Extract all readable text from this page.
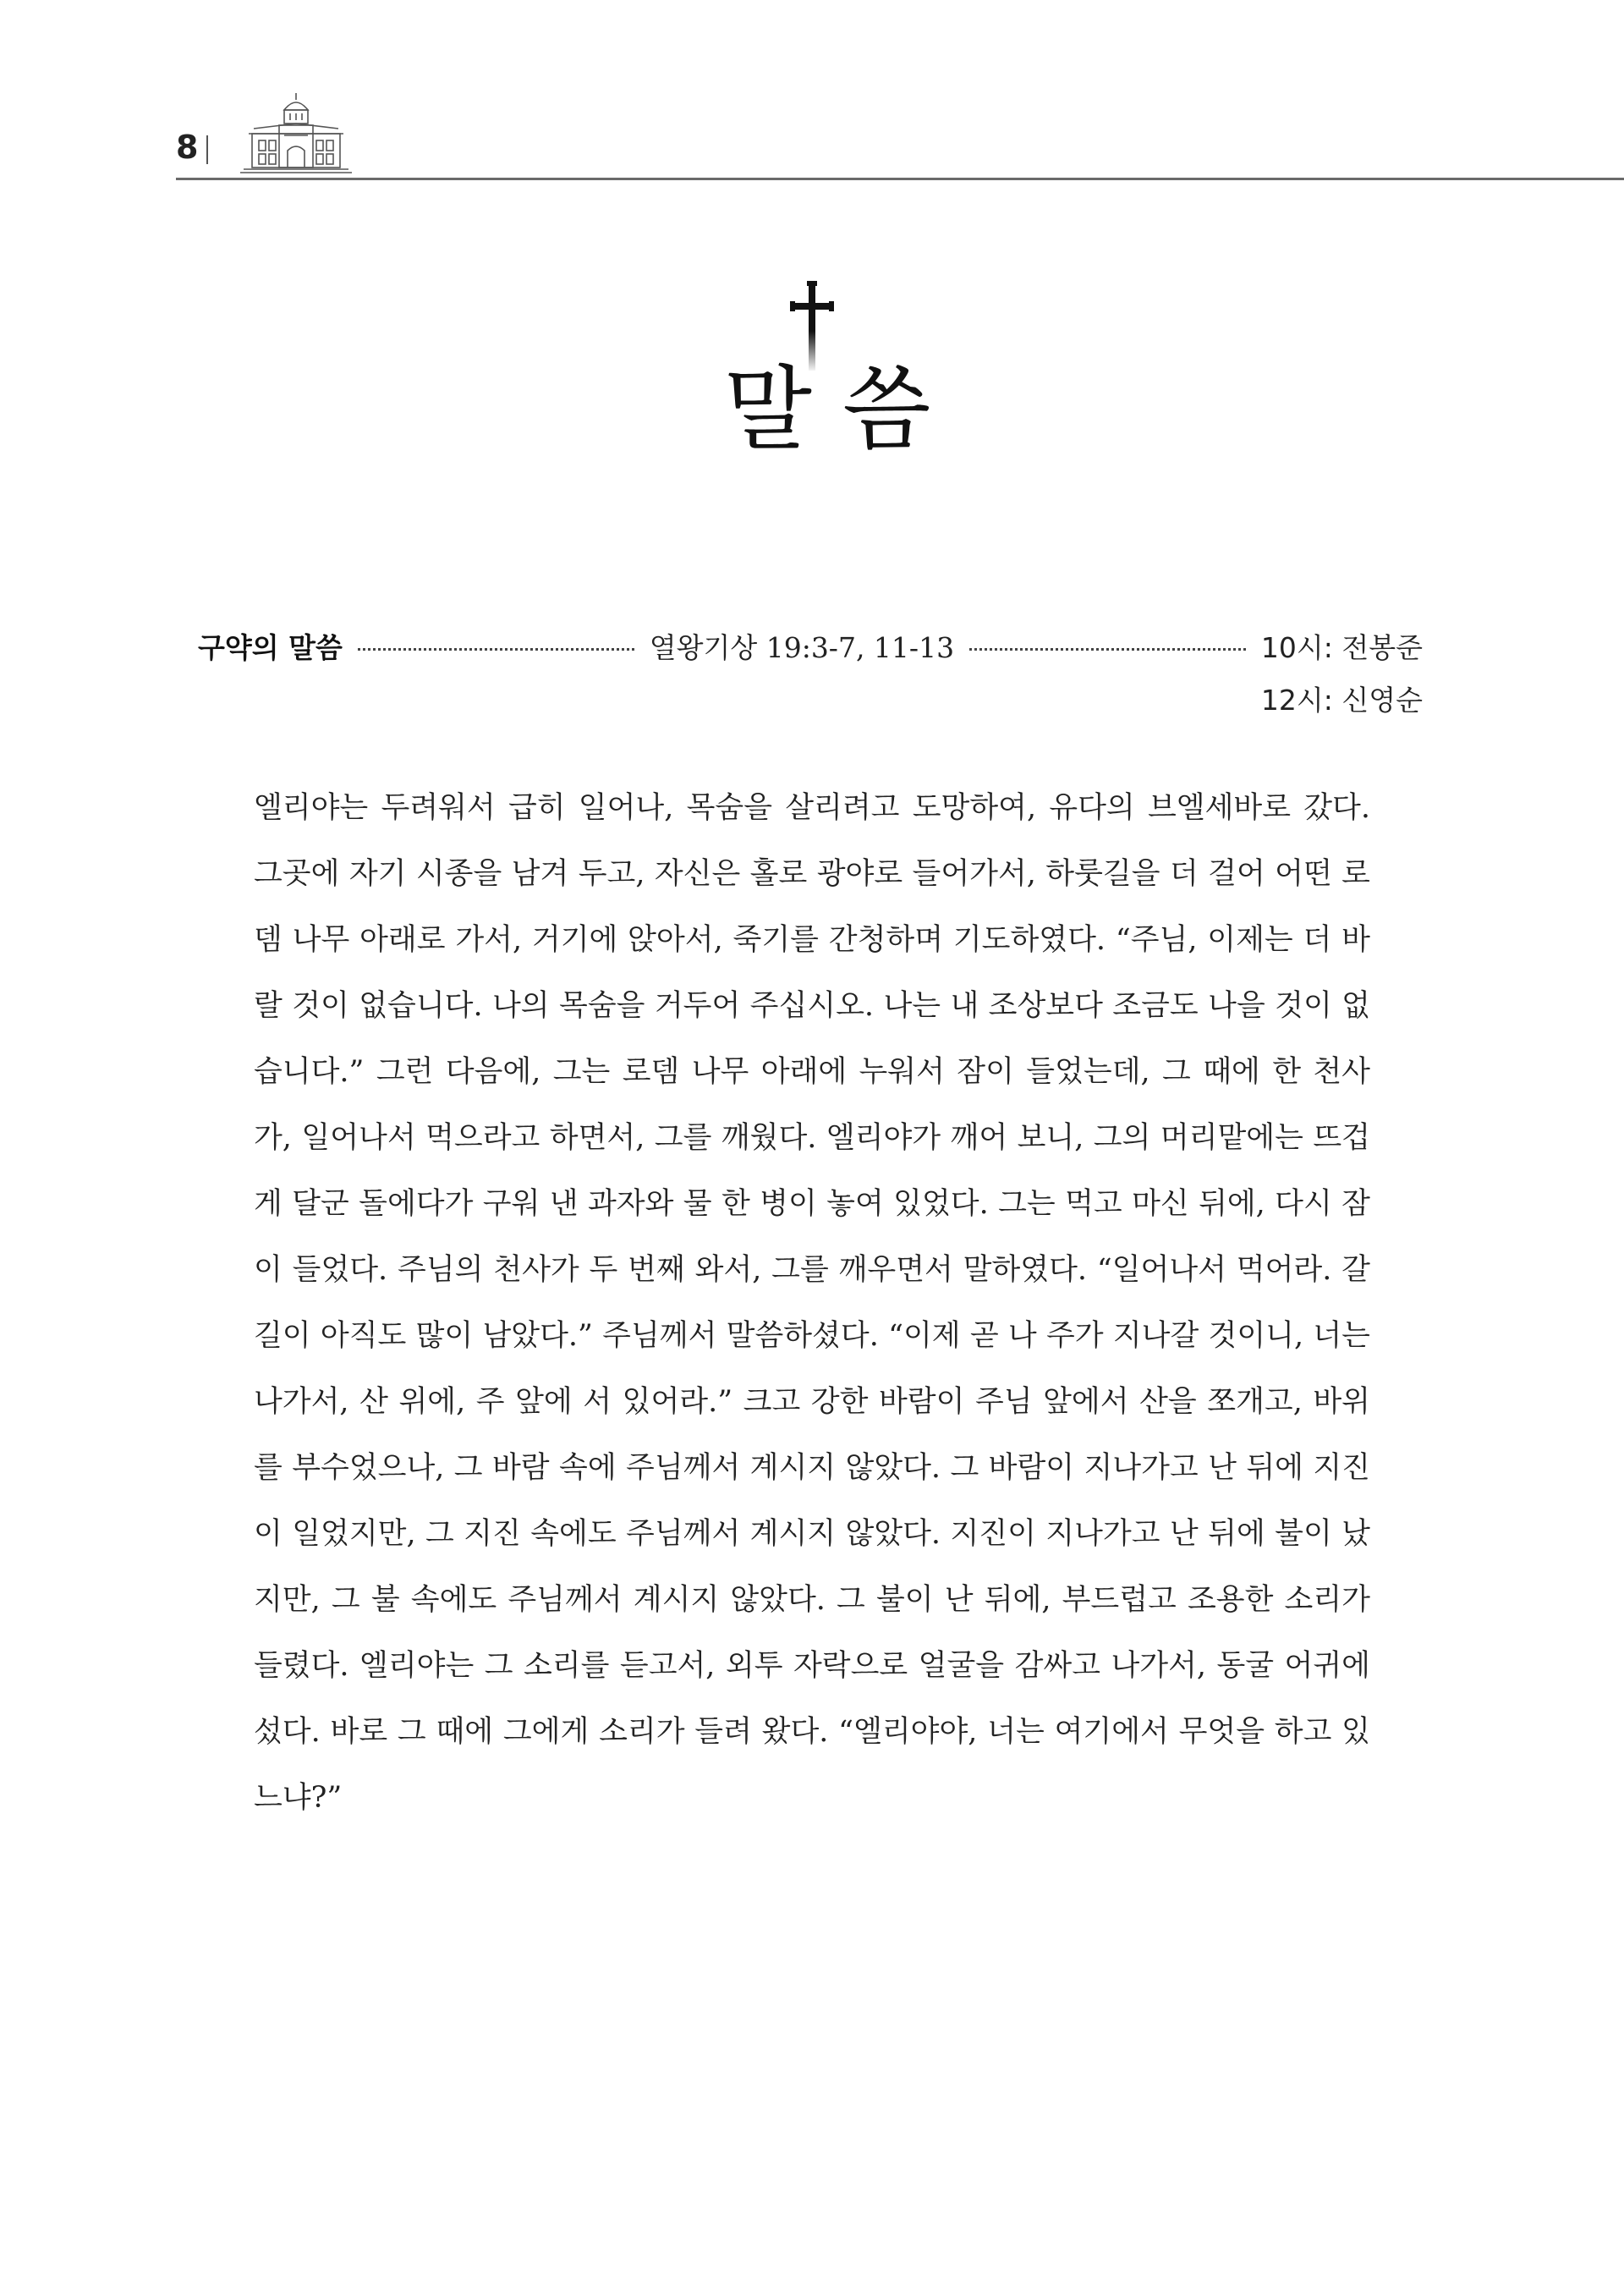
8
말씀
구약의 말씀	열왕기상 19:3-7, 11-13	10시: 전봉준
12시: 신영순

엘리야는 두려워서 급히 일어나, 목숨을 살리려고 도망하여, 유다의 브엘세바로 갔다. 그곳에 자기 시종을 남겨 두고, 자신은 홀로 광야로 들어가서, 하룻길을 더 걸어 어떤 로뎀 나무 아래로 가서, 거기에 앉아서, 죽기를 간청하며 기도하였다. “주님, 이제는 더 바랄 것이 없습니다. 나의 목숨을 거두어 주십시오. 나는 내 조상보다 조금도 나을 것이 없습니다.” 그런 다음에, 그는 로뎀 나무 아래에 누워서 잠이 들었는데, 그 때에 한 천사가, 일어나서 먹으라고 하면서, 그를 깨웠다. 엘리야가 깨어 보니, 그의 머리맡에는 뜨겁게 달군 돌에다가 구워 낸 과자와 물 한 병이 놓여 있었다. 그는 먹고 마신 뒤에, 다시 잠이 들었다. 주님의 천사가 두 번째 와서, 그를 깨우면서 말하였다. “일어나서 먹어라. 갈 길이 아직도 많이 남았다.” 주님께서 말씀하셨다. “이제 곧 나 주가 지나갈 것이니, 너는 나가서, 산 위에, 주 앞에 서 있어라.” 크고 강한 바람이 주님 앞에서 산을 쪼개고, 바위를 부수었으나, 그 바람 속에 주님께서 계시지 않았다. 그 바람이 지나가고 난 뒤에 지진이 일었지만, 그 지진 속에도 주님께서 계시지 않았다. 지진이 지나가고 난 뒤에 불이 났지만, 그 불 속에도 주님께서 계시지 않았다. 그 불이 난 뒤에, 부드럽고 조용한 소리가 들렸다. 엘리야는 그 소리를 듣고서, 외투 자락으로 얼굴을 감싸고 나가서, 동굴 어귀에 섰다. 바로 그 때에 그에게 소리가 들려 왔다. “엘리야야, 너는 여기에서 무엇을 하고 있느냐?”
